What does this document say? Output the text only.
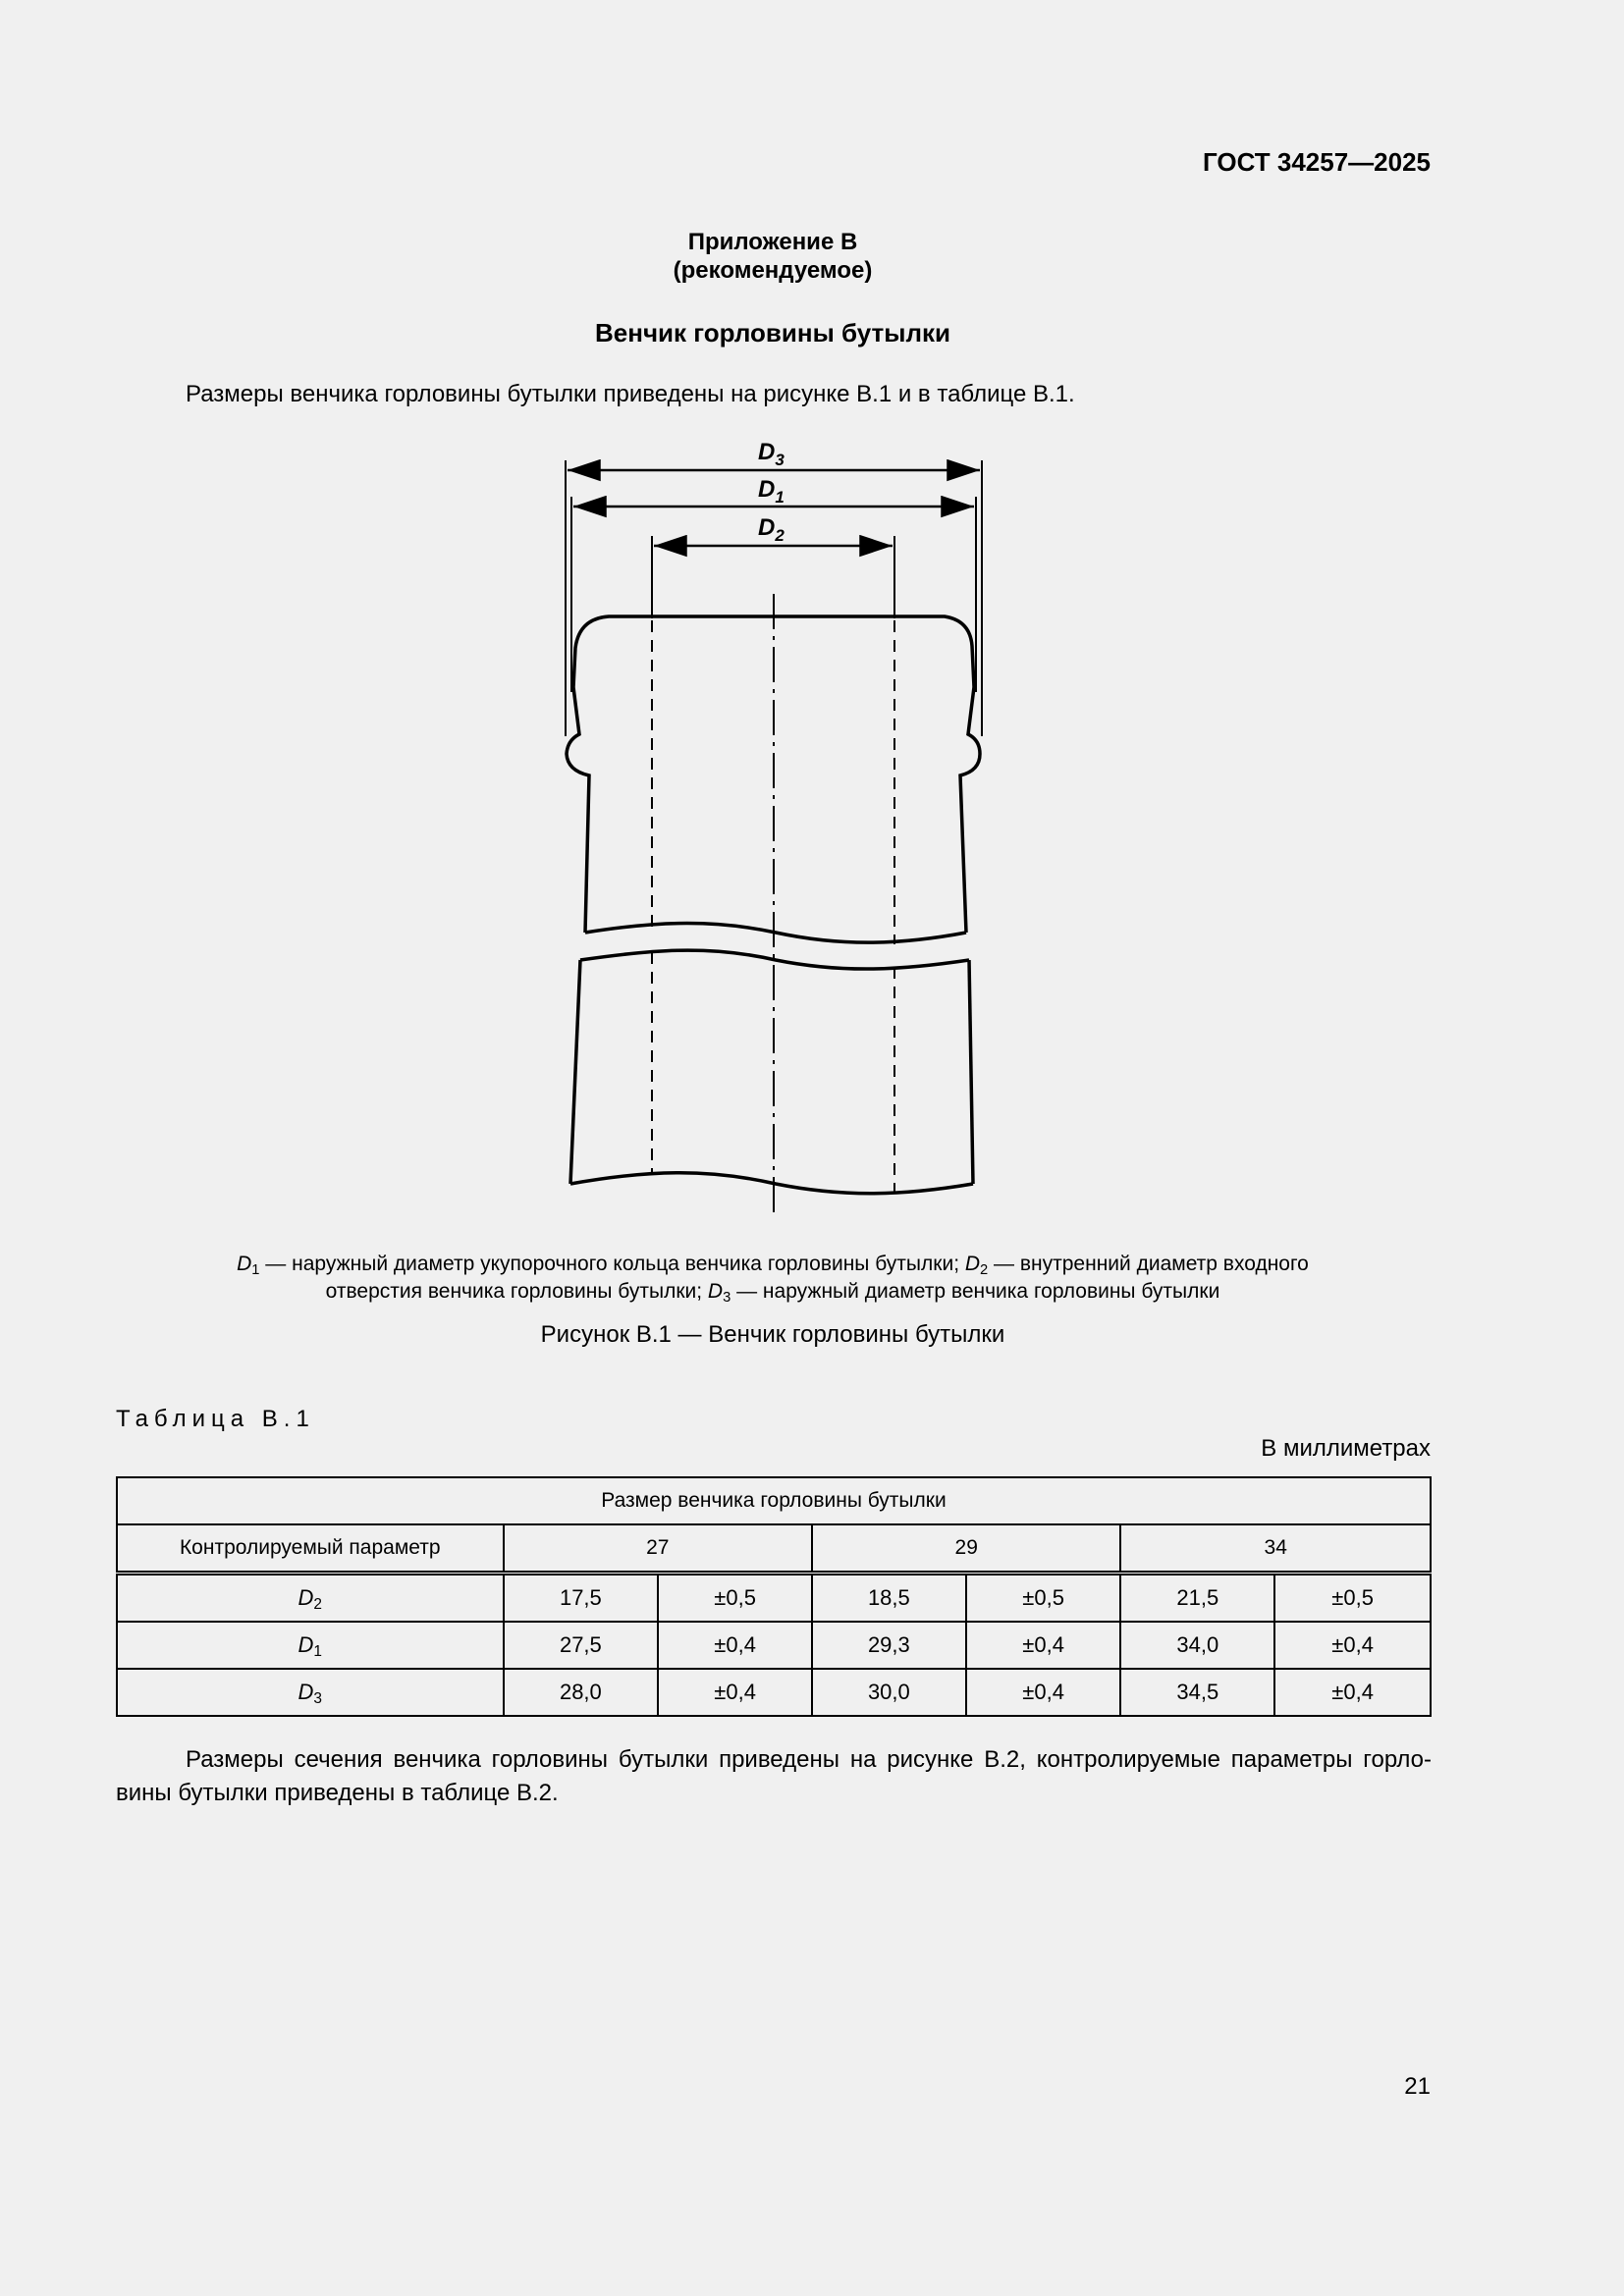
ГОСТ 34257—2025
Приложение В
(рекомендуемое)
Венчик горловины бутылки
Размеры венчика горловины бутылки приведены на рисунке В.1 и в таблице В.1.
$D_3$
$D_1$
$D_2$
$D_1$ — наружный диаметр укупорочного кольца венчика горловины бутылки; $D_2$ — внутренний диаметр входного
отверстия венчика горловины бутылки; $D_3$ — наружный диаметр венчика горловины бутылки
Рисунок В.1 — Венчик горловины бутылки
Таблица В.1
В миллиметрах
Размер венчика горловины бутылки						
Контролируемый параметр	27		29		34	
$D_2$	17,5	±0,5	18,5	±0,5	21,5	±0,5
$D_1$	27,5	±0,4	29,3	±0,4	34,0	±0,4
$D_3$	28,0	±0,4	30,0	±0,4	34,5	±0,4
Размеры сечения венчика горловины бутылки приведены на рисунке В.2, контролируемые параметры горло-вины бутылки приведены в таблице В.2.
21
